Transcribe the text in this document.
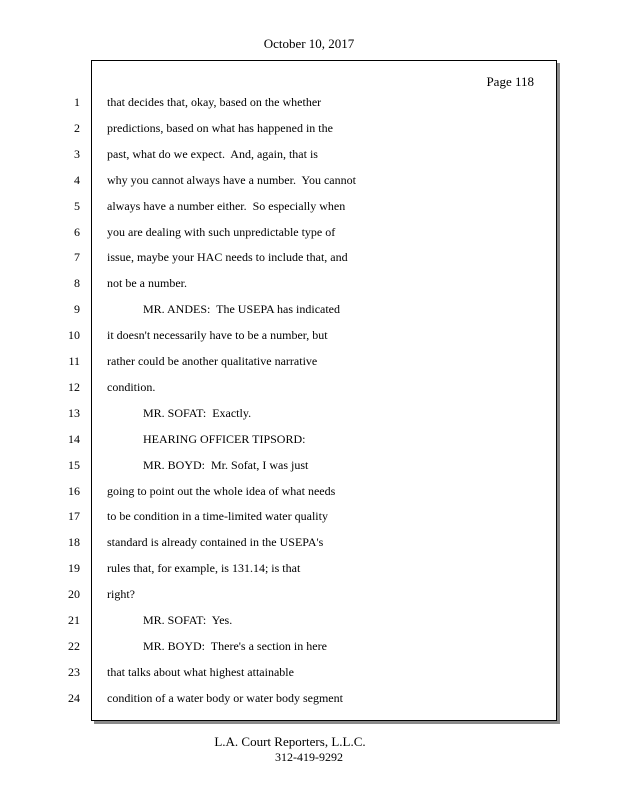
October 10, 2017
Page 118
1 that decides that, okay, based on the whether
2 predictions, based on what has happened in the
3 past, what do we expect.  And, again, that is
4 why you cannot always have a number.  You cannot
5 always have a number either.  So especially when
6 you are dealing with such unpredictable type of
7 issue, maybe your HAC needs to include that, and
8 not be a number.
9	MR. ANDES:  The USEPA has indicated
10 it doesn't necessarily have to be a number, but
11 rather could be another qualitative narrative
12 condition.
13	MR. SOFAT:  Exactly.
14	HEARING OFFICER TIPSORD:
15	MR. BOYD:  Mr. Sofat, I was just
16 going to point out the whole idea of what needs
17 to be condition in a time-limited water quality
18 standard is already contained in the USEPA's
19 rules that, for example, is 131.14; is that
20 right?
21	MR. SOFAT:  Yes.
22	MR. BOYD:  There's a section in here
23 that talks about what highest attainable
24 condition of a water body or water body segment
L.A. Court Reporters, L.L.C.
312-419-9292
